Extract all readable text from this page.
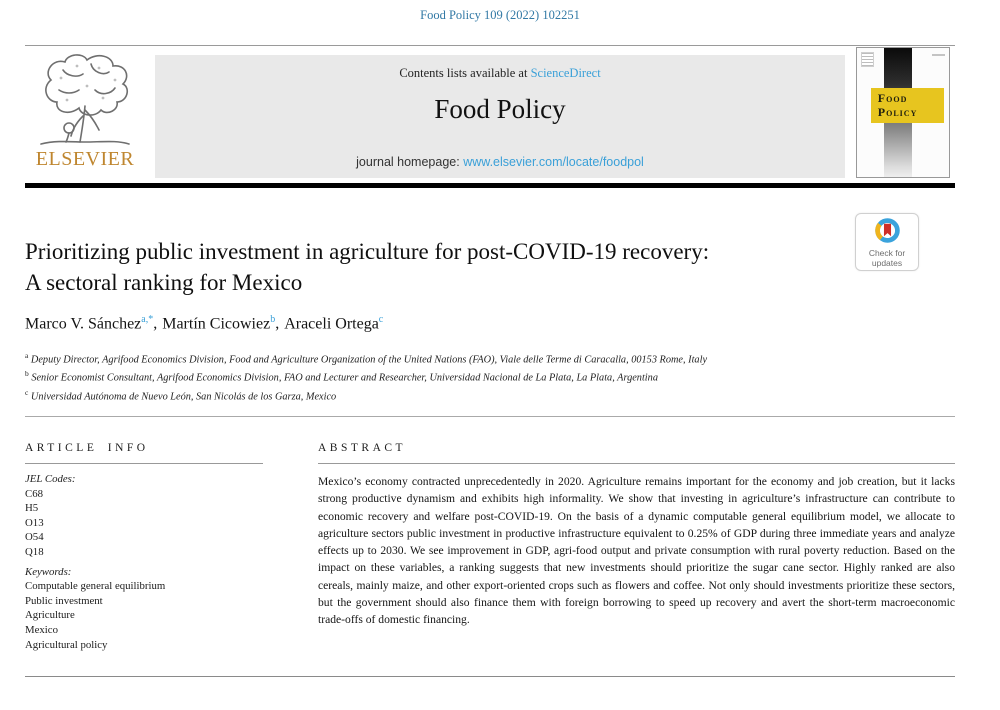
Food Policy 109 (2022) 102251
ELSEVIER
Contents lists available at ScienceDirect
Food Policy
journal homepage: www.elsevier.com/locate/foodpol
Food
Policy
Prioritizing public investment in agriculture for post-COVID-19 recovery:
A sectoral ranking for Mexico
Check for
updates
Marco V. Sánchez$^{a,*}$, Martín Cicowiez$^b$, Araceli Ortega$^c$
$^a$ Deputy Director, Agrifood Economics Division, Food and Agriculture Organization of the United Nations (FAO), Viale delle Terme di Caracalla, 00153 Rome, Italy
$^b$ Senior Economist Consultant, Agrifood Economics Division, FAO and Lecturer and Researcher, Universidad Nacional de La Plata, La Plata, Argentina
$^c$ Universidad Autónoma de Nuevo León, San Nicolás de los Garza, Mexico
ARTICLE INFO
JEL Codes:
C68
H5
O13
O54
Q18
Keywords:
Computable general equilibrium
Public investment
Agriculture
Mexico
Agricultural policy
ABSTRACT

Mexico’s economy contracted unprecedentedly in 2020. Agriculture remains important for the economy and job creation, but it lacks strong productive dynamism and exhibits high informality. We show that investing in agriculture’s infrastructure can contribute to economic recovery and welfare post-COVID-19. On the basis of a dynamic computable general equilibrium model, we allocate to agriculture sectors public investment in productive infrastructure equivalent to 0.25% of GDP during three immediate years and analyze effects up to 2030. We see improvement in GDP, agri-food output and private consumption with rural poverty reduction. Based on the impact on these variables, a ranking suggests that new investments should prioritize the sugar cane sector. Highly ranked are also cereals, mainly maize, and other export-oriented crops such as flowers and coffee. Not only should investments prioritize these sectors, but the government should also finance them with foreign borrowing to speed up recovery and avert the short-term macroeconomic trade-offs of domestic financing.
